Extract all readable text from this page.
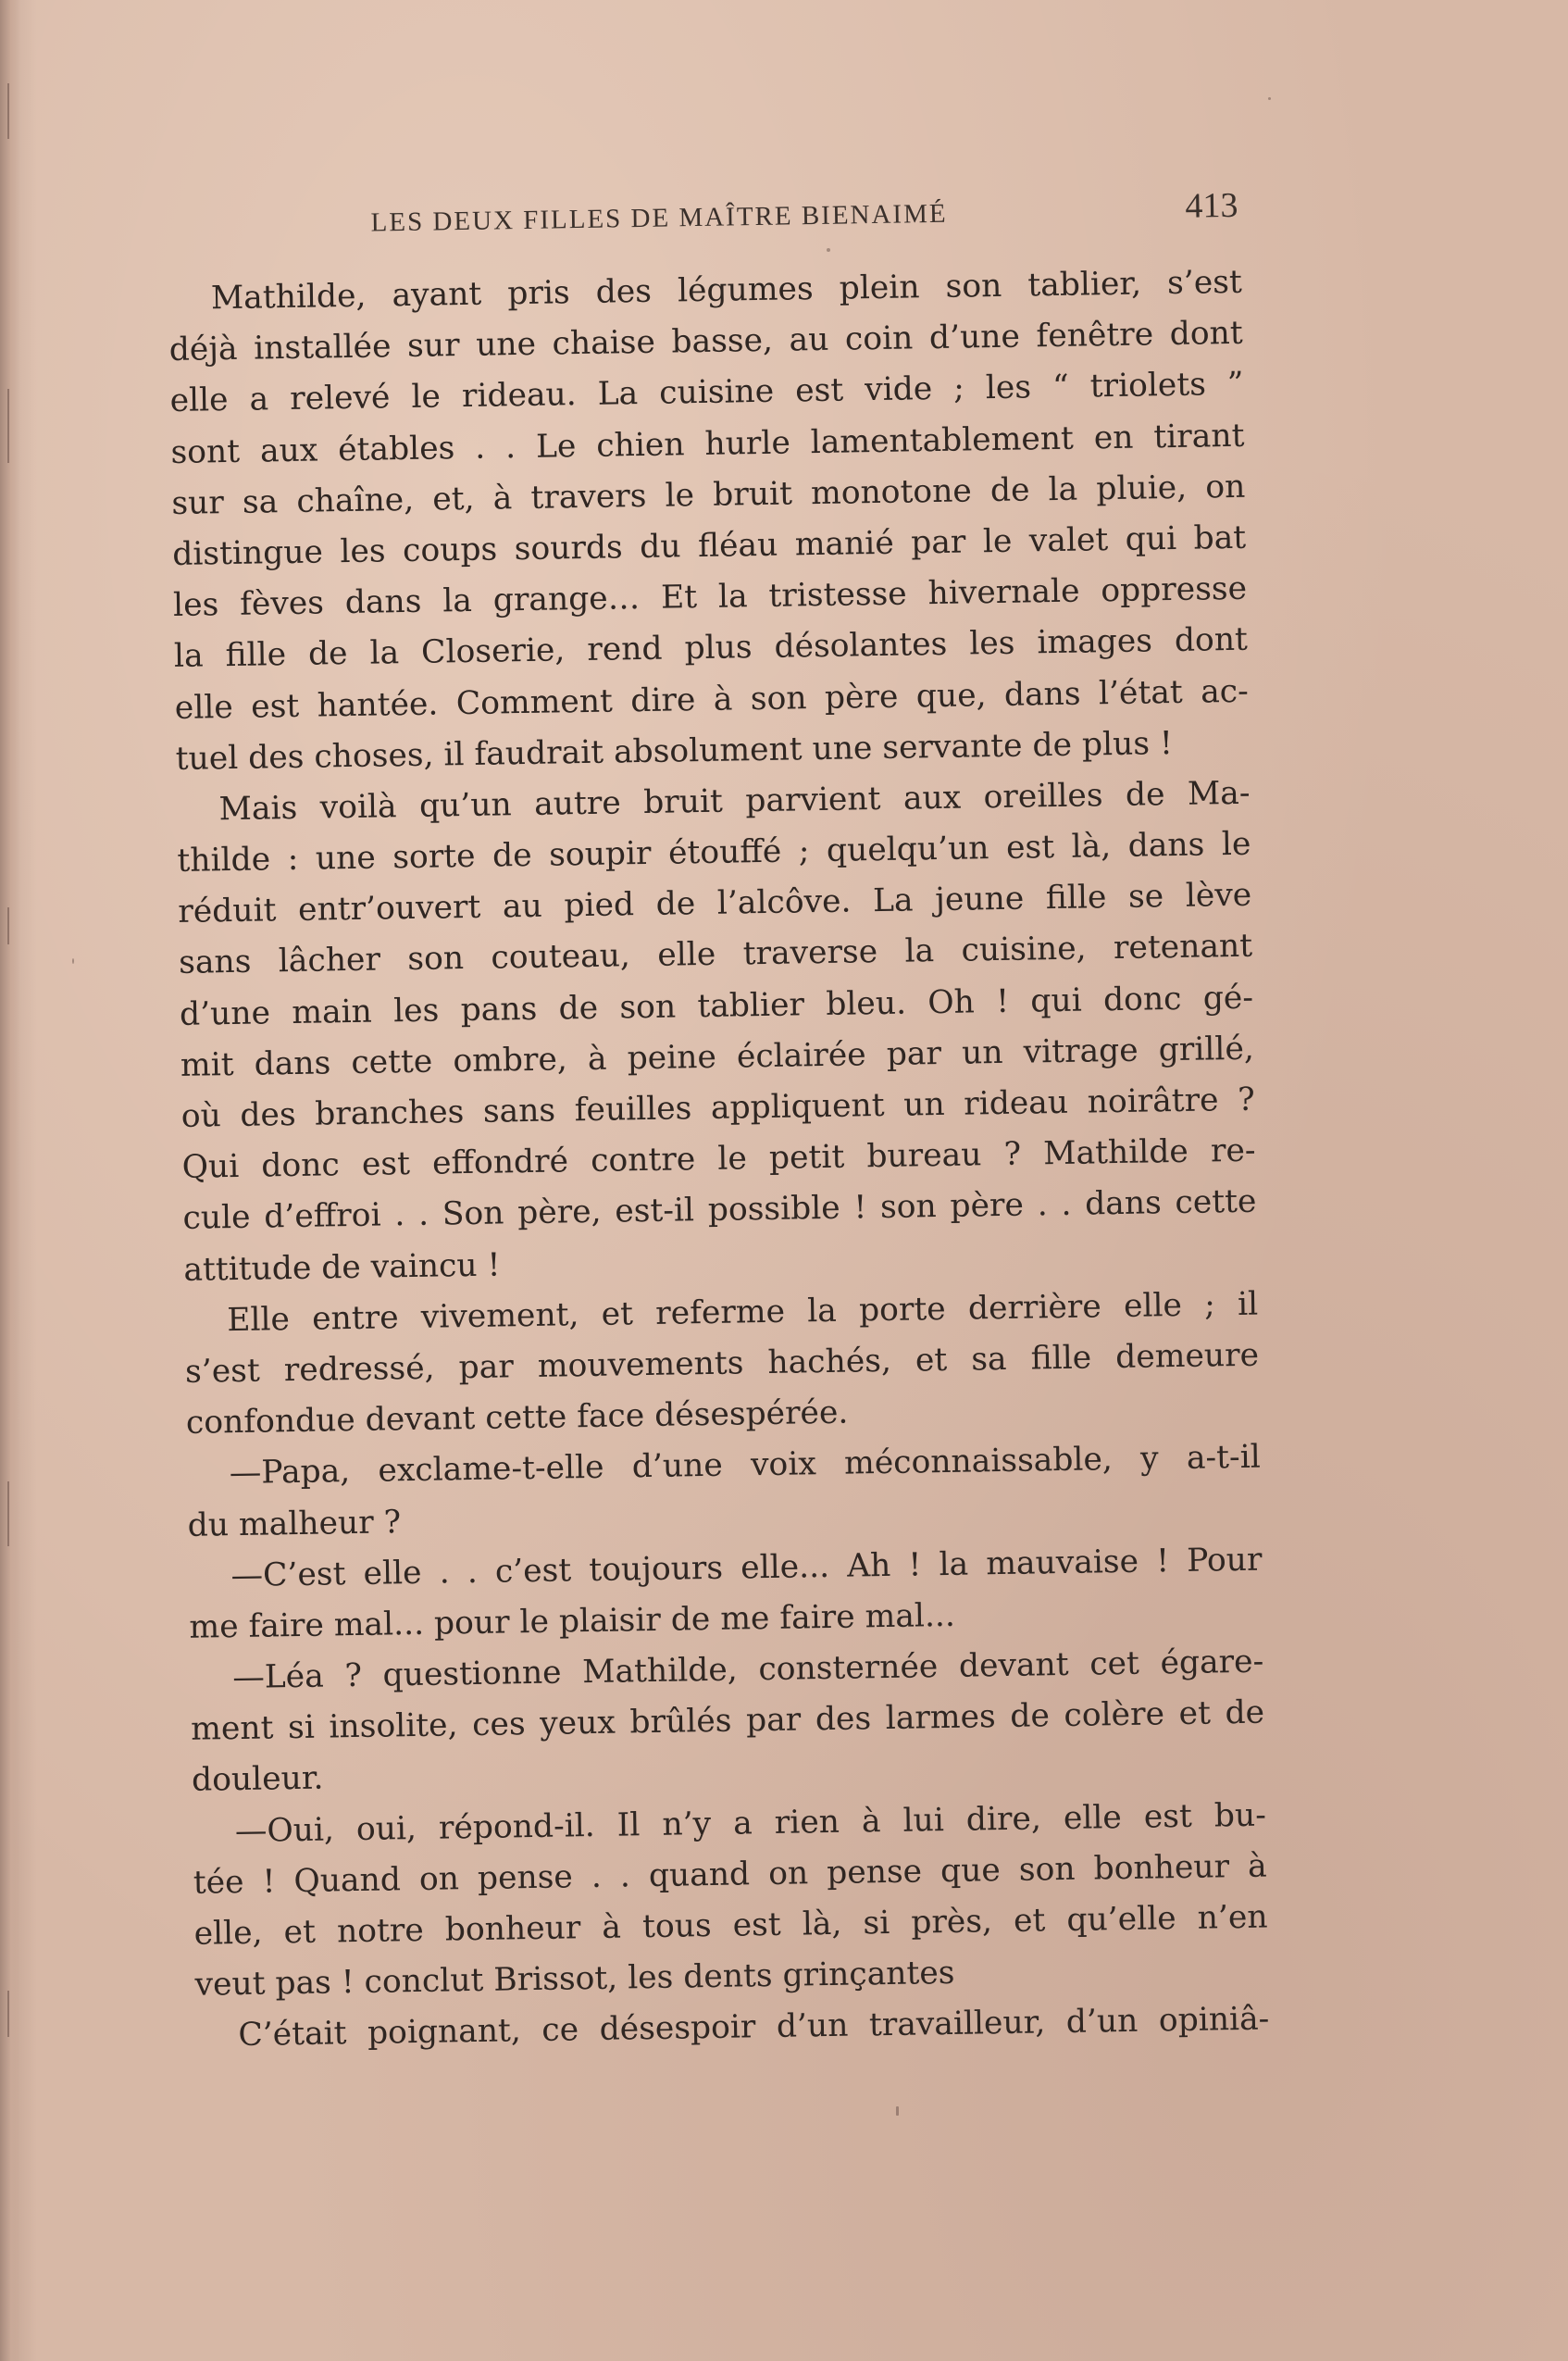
LES DEUX FILLES DE MAÎTRE BIENAIMÉ	413
Mathilde, ayant pris des légumes plein son tablier, s’est
déjà installée sur une chaise basse, au coin d’une fenêtre dont
elle a relevé le rideau. La cuisine est vide ; les “ triolets ”
sont aux étables . . Le chien hurle lamentablement en tirant
sur sa chaîne, et, à travers le bruit monotone de la pluie, on
distingue les coups sourds du fléau manié par le valet qui bat
les fèves dans la grange… Et la tristesse hivernale oppresse
la fille de la Closerie, rend plus désolantes les images dont
elle est hantée. Comment dire à son père que, dans l’état ac-
tuel des choses, il faudrait absolument une servante de plus !
Mais voilà qu’un autre bruit parvient aux oreilles de Ma-
thilde : une sorte de soupir étouffé ; quelqu’un est là, dans le
réduit entr’ouvert au pied de l’alcôve. La jeune fille se lève
sans lâcher son couteau, elle traverse la cuisine, retenant
d’une main les pans de son tablier bleu. Oh ! qui donc gé-
mit dans cette ombre, à peine éclairée par un vitrage grillé,
où des branches sans feuilles appliquent un rideau noirâtre ?
Qui donc est effondré contre le petit bureau ? Mathilde re-
cule d’effroi . . Son père, est-il possible ! son père . . dans cette
attitude de vaincu !
Elle entre vivement, et referme la porte derrière elle ; il
s’est redressé, par mouvements hachés, et sa fille demeure
confondue devant cette face désespérée.
—Papa, exclame-t-elle d’une voix méconnaissable, y a-t-il
du malheur ?
—C’est elle . . c’est toujours elle... Ah ! la mauvaise ! Pour
me faire mal... pour le plaisir de me faire mal...
—Léa ? questionne Mathilde, consternée devant cet égare-
ment si insolite, ces yeux brûlés par des larmes de colère et de
douleur.
—Oui, oui, répond-il. Il n’y a rien à lui dire, elle est bu-
tée ! Quand on pense . . quand on pense que son bonheur à
elle, et notre bonheur à tous est là, si près, et qu’elle n’en
veut pas ! conclut Brissot, les dents grinçantes
C’était poignant, ce désespoir d’un travailleur, d’un opiniâ-
